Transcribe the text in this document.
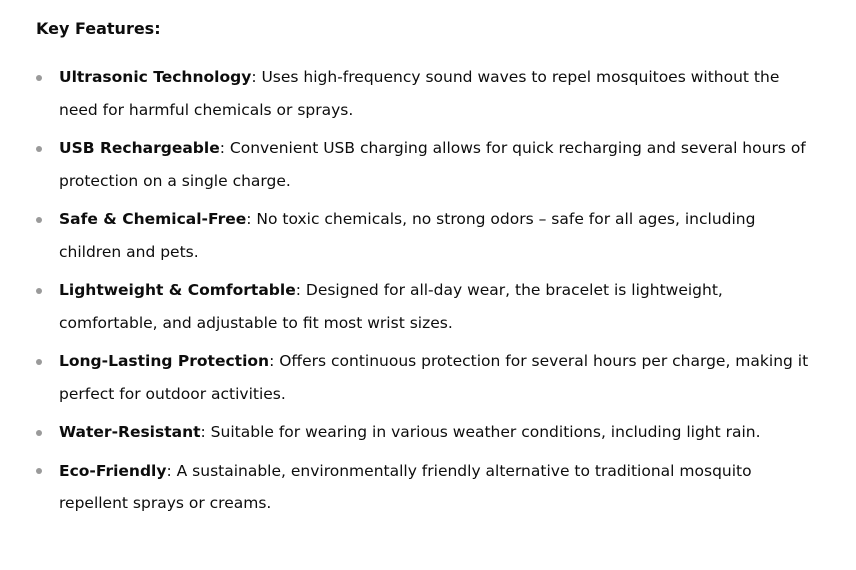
Key Features:
Ultrasonic Technology: Uses high-frequency sound waves to repel mosquitoes without the need for harmful chemicals or sprays.
USB Rechargeable: Convenient USB charging allows for quick recharging and several hours of protection on a single charge.
Safe & Chemical-Free: No toxic chemicals, no strong odors – safe for all ages, including children and pets.
Lightweight & Comfortable: Designed for all-day wear, the bracelet is lightweight, comfortable, and adjustable to fit most wrist sizes.
Long-Lasting Protection: Offers continuous protection for several hours per charge, making it perfect for outdoor activities.
Water-Resistant: Suitable for wearing in various weather conditions, including light rain.
Eco-Friendly: A sustainable, environmentally friendly alternative to traditional mosquito repellent sprays or creams.
